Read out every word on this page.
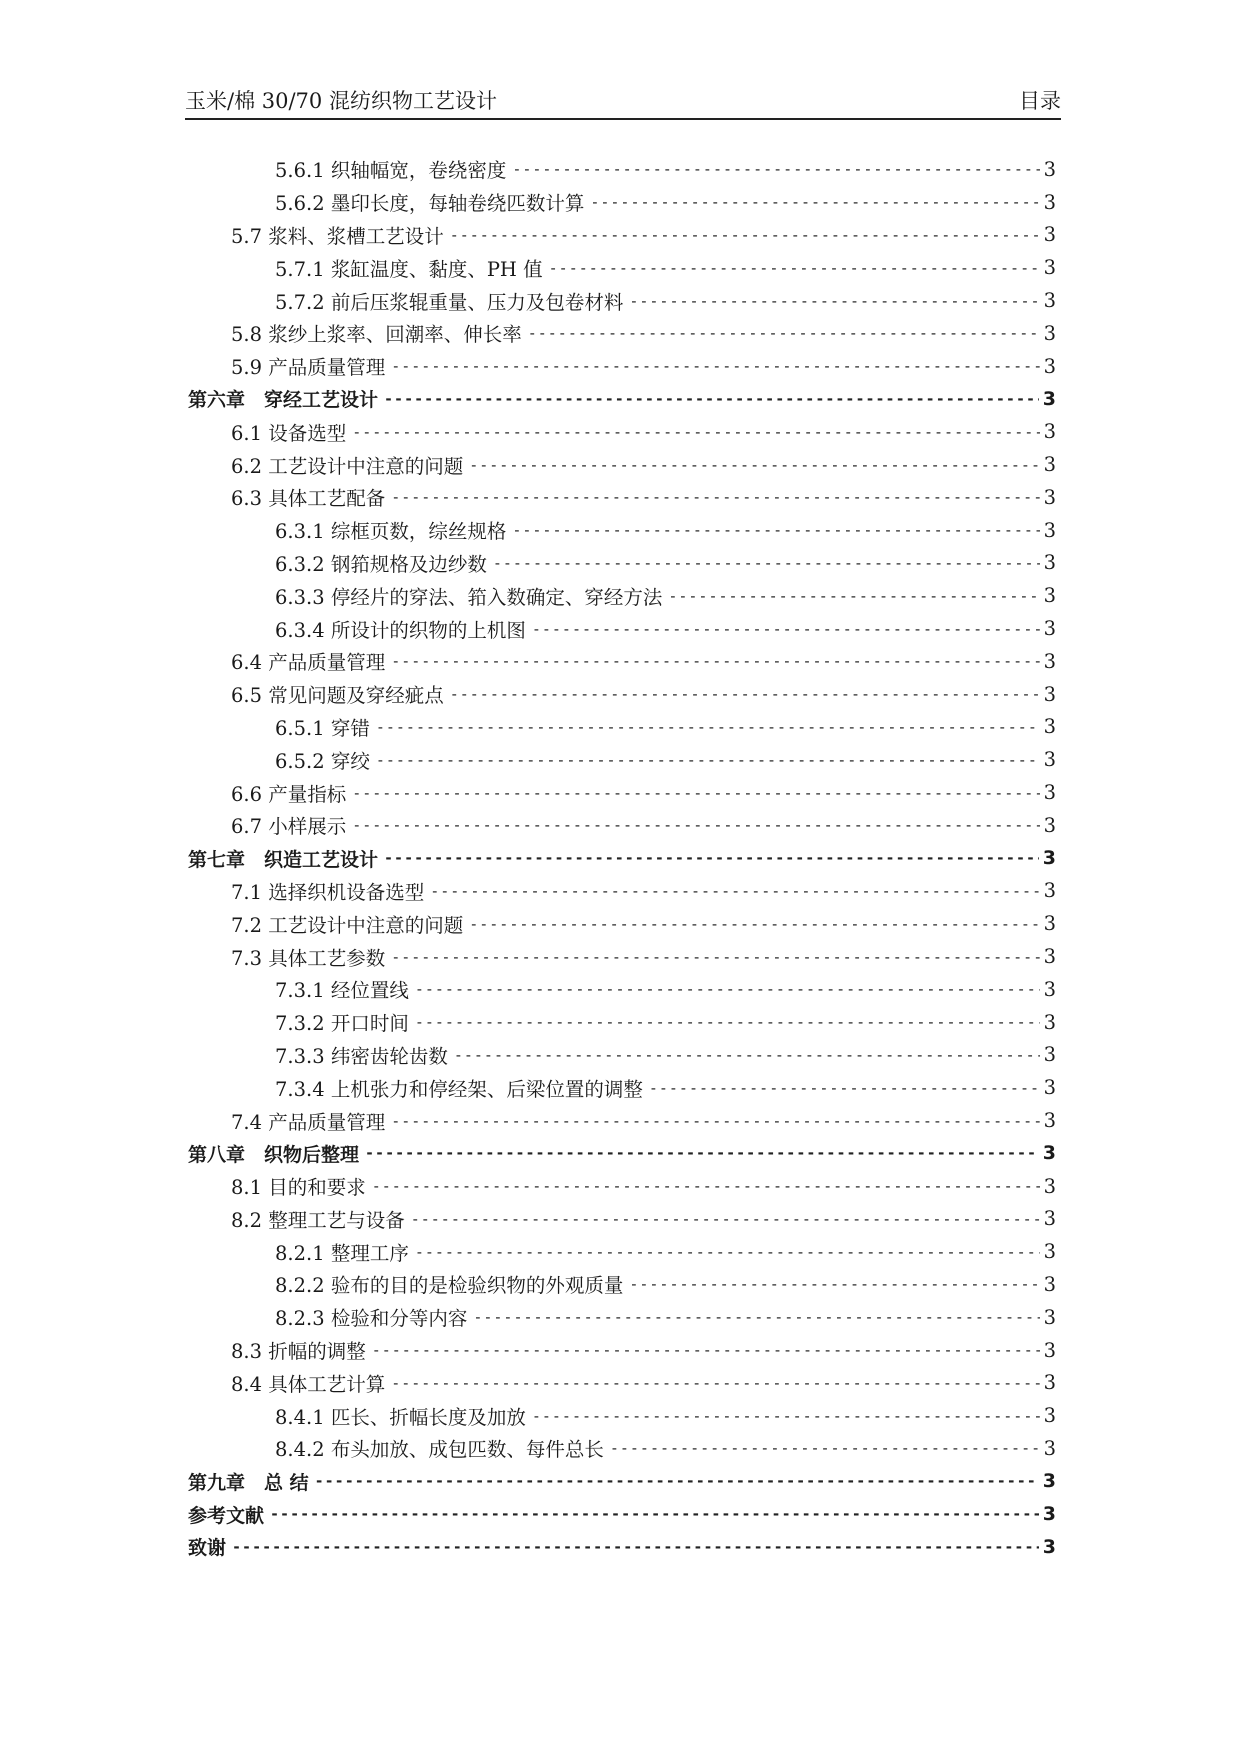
玉米/棉 30/70 混纺织物工艺设计	目录
5.6.1 织轴幅宽，卷绕密度 -----	3
5.6.2 墨印长度，每轴卷绕匹数计算 -----	3
5.7 浆料、浆槽工艺设计 -----	3
5.7.1 浆缸温度、黏度、PH 值 -----	3
5.7.2 前后压浆辊重量、压力及包卷材料 -----	3
5.8 浆纱上浆率、回潮率、伸长率 -----	3
5.9 产品质量管理 -----	3
第六章　穿经工艺设计 -----	3
6.1 设备选型 -----	3
6.2 工艺设计中注意的问题 -----	3
6.3 具体工艺配备 -----	3
6.3.1 综框页数，综丝规格 -----	3
6.3.2 钢筘规格及边纱数 -----	3
6.3.3 停经片的穿法、筘入数确定、穿经方法 -----	3
6.3.4 所设计的织物的上机图 -----	3
6.4 产品质量管理 -----	3
6.5 常见问题及穿经疵点 -----	3
6.5.1 穿错 -----	3
6.5.2 穿绞 -----	3
6.6 产量指标 -----	3
6.7 小样展示 -----	3
第七章　织造工艺设计 -----	3
7.1 选择织机设备选型 -----	3
7.2 工艺设计中注意的问题 -----	3
7.3 具体工艺参数 -----	3
7.3.1 经位置线 -----	3
7.3.2 开口时间 -----	3
7.3.3 纬密齿轮齿数 -----	3
7.3.4 上机张力和停经架、后梁位置的调整 -----	3
7.4 产品质量管理 -----	3
第八章　织物后整理 -----	3
8.1 目的和要求 -----	3
8.2 整理工艺与设备 -----	3
8.2.1 整理工序 -----	3
8.2.2 验布的目的是检验织物的外观质量 -----	3
8.2.3 检验和分等内容 -----	3
8.3 折幅的调整 -----	3
8.4 具体工艺计算 -----	3
8.4.1 匹长、折幅长度及加放 -----	3
8.4.2 布头加放、成包匹数、每件总长 -----	3
第九章　总 结 -----	3
参考文献 -----	3
致谢 -----	3
